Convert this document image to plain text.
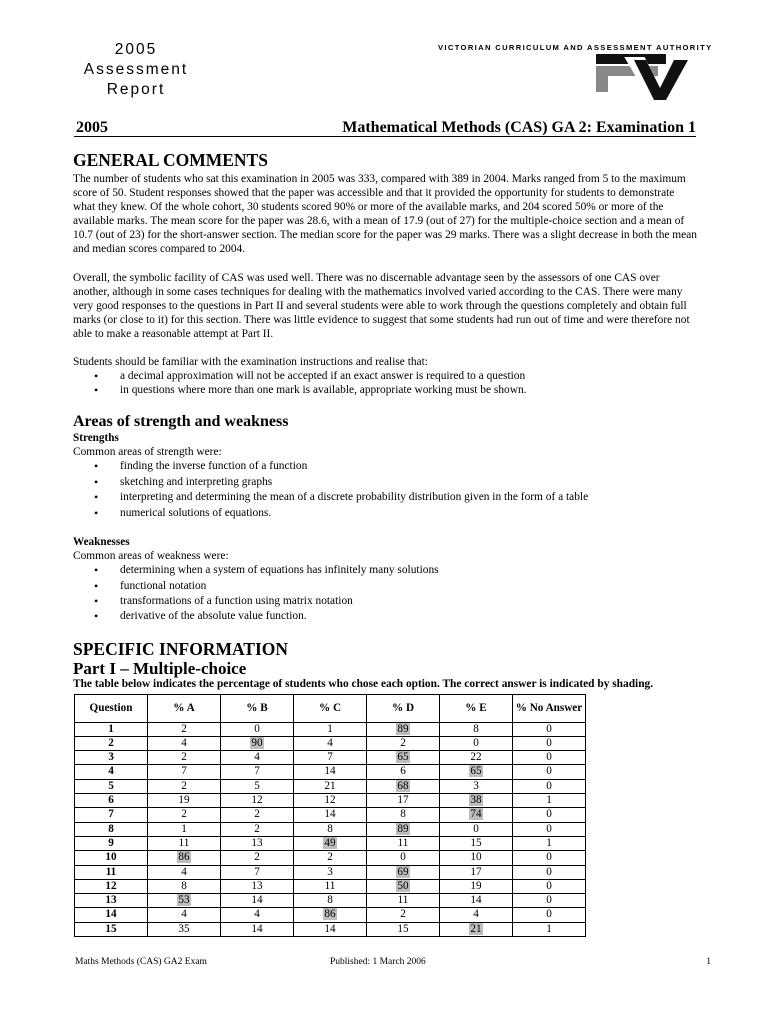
2005
Assessment
Report
VICTORIAN CURRICULUM AND ASSESSMENT AUTHORITY
2005	Mathematical Methods (CAS) GA 2: Examination 1
GENERAL COMMENTS

The number of students who sat this examination in 2005 was 333, compared with 389 in 2004. Marks ranged from 5 to the maximum score of 50. Student responses showed that the paper was accessible and that it provided the opportunity for students to demonstrate what they knew. Of the whole cohort, 30 students scored 90% or more of the available marks, and 204 scored 50% or more of the available marks. The mean score for the paper was 28.6, with a mean of 17.9 (out of 27) for the multiple-choice section and a mean of 10.7 (out of 23) for the short-answer section. The median score for the paper was 29 marks. There was a slight decrease in both the mean and median scores compared to 2004.

Overall, the symbolic facility of CAS was used well. There was no discernable advantage seen by the assessors of one CAS over another, although in some cases techniques for dealing with the mathematics involved varied according to the CAS. There were many very good responses to the questions in Part II and several students were able to work through the questions completely and obtain full marks (or close to it) for this section. There was little evidence to suggest that some students had run out of time and were therefore not able to make a reasonable attempt at Part II.

Students should be familiar with the examination instructions and realise that:

• a decimal approximation will not be accepted if an exact answer is required to a question
• in questions where more than one mark is available, appropriate working must be shown.
Areas of strength and weakness
Strengths

Common areas of strength were:

• finding the inverse function of a function
• sketching and interpreting graphs
• interpreting and determining the mean of a discrete probability distribution given in the form of a table
• numerical solutions of equations.
Weaknesses

Common areas of weakness were:

• determining when a system of equations has infinitely many solutions
• functional notation
• transformations of a function using matrix notation
• derivative of the absolute value function.
SPECIFIC INFORMATION
Part I – Multiple-choice

The table below indicates the percentage of students who chose each option. The correct answer is indicated by shading.

Question	% A	% B	% C	% D	% E	% No Answer
1	2	0	1	89	8	0
2	4	90	4	2	0	0
3	2	4	7	65	22	0
4	7	7	14	6	65	0
5	2	5	21	68	3	0
6	19	12	12	17	38	1
7	2	2	14	8	74	0
8	1	2	8	89	0	0
9	11	13	49	11	15	1
10	86	2	2	0	10	0
11	4	7	3	69	17	0
12	8	13	11	50	19	0
13	53	14	8	11	14	0
14	4	4	86	2	4	0
15	35	14	14	15	21	1
Maths Methods (CAS) GA2 Exam	Published: 1 March 2006	1
